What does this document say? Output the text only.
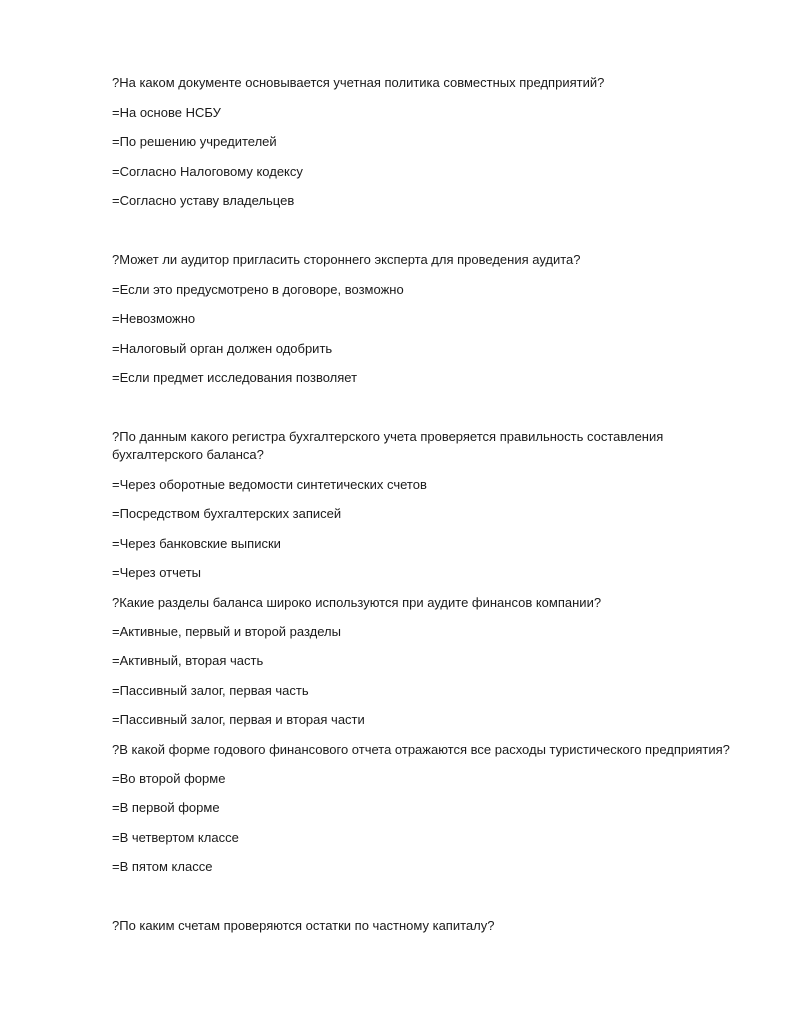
?На каком документе основывается учетная политика совместных предприятий?
=На основе НСБУ
=По решению учредителей
=Согласно Налоговому кодексу
=Согласно уставу владельцев
?Может ли аудитор пригласить стороннего эксперта для проведения аудита?
=Если это предусмотрено в договоре, возможно
=Невозможно
=Налоговый орган должен одобрить
=Если предмет исследования позволяет
?По данным какого регистра бухгалтерского учета проверяется правильность составления
бухгалтерского баланса?
=Через оборотные ведомости синтетических счетов
=Посредством бухгалтерских записей
=Через банковские выписки
=Через отчеты
?Какие разделы баланса широко используются при аудите финансов компании?
=Активные, первый и второй разделы
=Активный, вторая часть
=Пассивный залог, первая часть
=Пассивный залог, первая и вторая части
?В какой форме годового финансового отчета отражаются все расходы туристического предприятия?
=Во второй форме
=В первой форме
=В четвертом классе
=В пятом классе
?По каким счетам проверяются остатки по частному капиталу?
